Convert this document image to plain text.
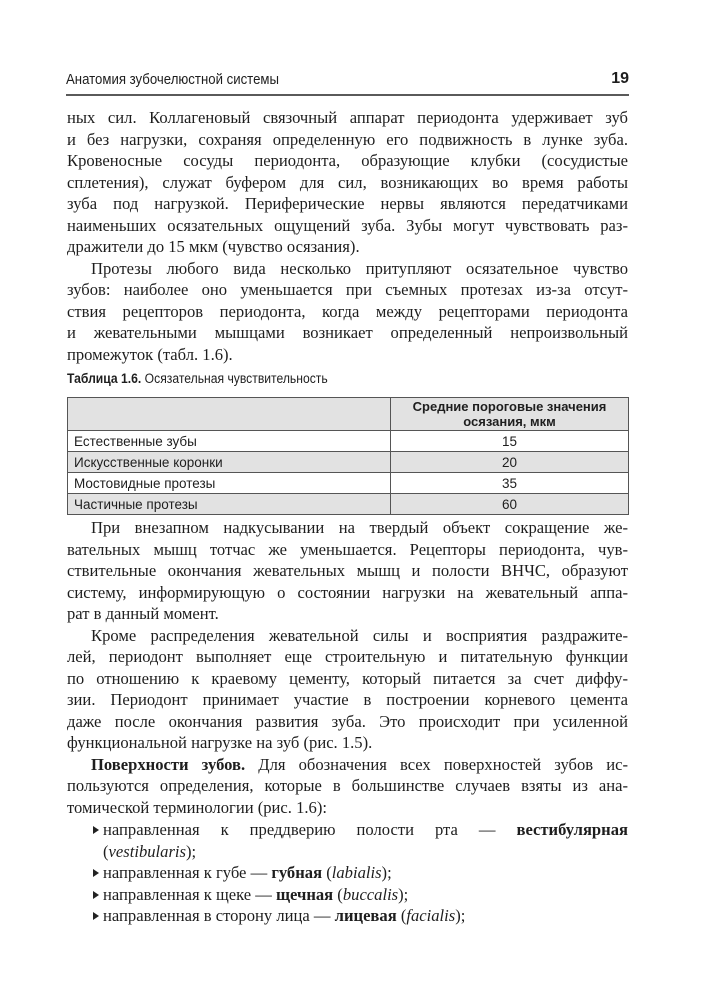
Анатомия зубочелюстной системы	19
ных сил. Коллагеновый связочный аппарат периодонта удерживает зуб
и без нагрузки, сохраняя определенную его подвижность в лунке зуба.
Кровеносные сосуды периодонта, образующие клубки (сосудистые
сплетения), служат буфером для сил, возникающих во время работы
зуба под нагрузкой. Периферические нервы являются передатчиками
наименьших осязательных ощущений зуба. Зубы могут чувствовать раз-
дражители до 15 мкм (чувство осязания).
Протезы любого вида несколько притупляют осязательное чувство
зубов: наиболее оно уменьшается при съемных протезах из-за отсут-
ствия рецепторов периодонта, когда между рецепторами периодонта
и жевательными мышцами возникает определенный непроизвольный
промежуток (табл. 1.6).
Таблица 1.6. Осязательная чувствительность
	Средние пороговые значения осязания, мкм
Естественные зубы	15
Искусственные коронки	20
Мостовидные протезы	35
Частичные протезы	60
При внезапном надкусывании на твердый объект сокращение же-
вательных мышц тотчас же уменьшается. Рецепторы периодонта, чув-
ствительные окончания жевательных мышц и полости ВНЧС, образуют
систему, информирующую о состоянии нагрузки на жевательный аппа-
рат в данный момент.
Кроме распределения жевательной силы и восприятия раздражите-
лей, периодонт выполняет еще строительную и питательную функции
по отношению к краевому цементу, который питается за счет диффу-
зии. Периодонт принимает участие в построении корневого цемента
даже после окончания развития зуба. Это происходит при усиленной
функциональной нагрузке на зуб (рис. 1.5).
Поверхности зубов. Для обозначения всех поверхностей зубов ис-
пользуются определения, которые в большинстве случаев взяты из ана-
томической терминологии (рис. 1.6):
направленная к преддверию полости рта — вестибулярная
(vestibularis);
направленная к губе — губная (labialis);
направленная к щеке — щечная (buccalis);
направленная в сторону лица — лицевая (facialis);
